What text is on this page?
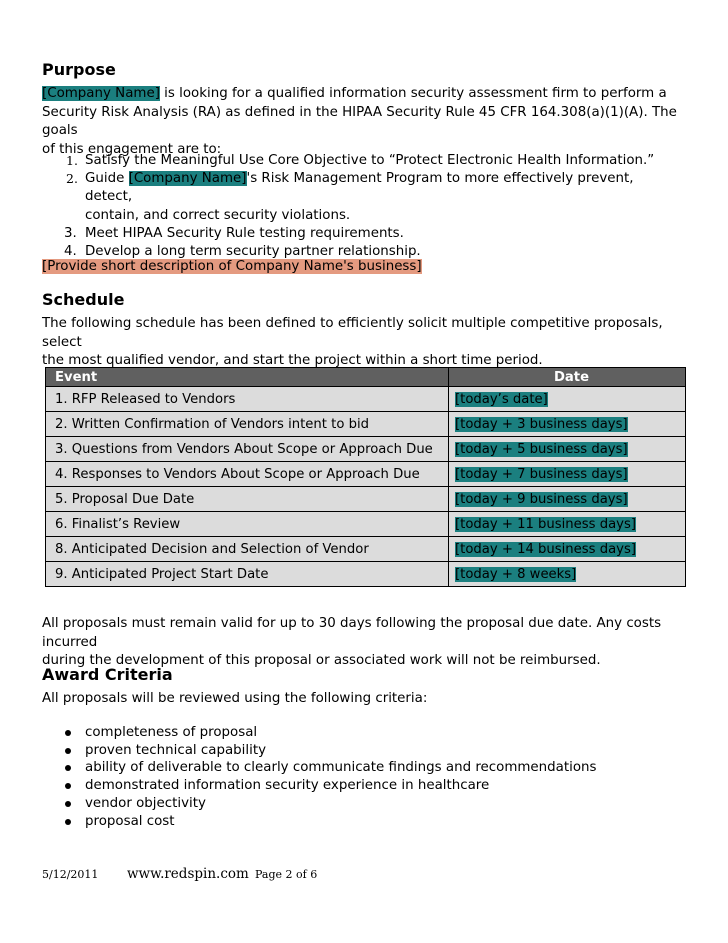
Purpose
[Company Name] is looking for a qualified information security assessment firm to perform a
Security Risk Analysis (RA) as defined in the HIPAA Security Rule 45 CFR 164.308(a)(1)(A). The goals
of this engagement are to:
1. Satisfy the Meaningful Use Core Objective to “Protect Electronic Health Information.”
2. Guide [Company Name]'s Risk Management Program to more effectively prevent, detect,
contain, and correct security violations.
3. Meet HIPAA Security Rule testing requirements.
4. Develop a long term security partner relationship.
[Provide short description of Company Name's business]
Schedule
The following schedule has been defined to efficiently solicit multiple competitive proposals, select
the most qualified vendor, and start the project within a short time period.
Event	Date
1. RFP Released to Vendors	[today’s date]
2. Written Confirmation of Vendors intent to bid	[today + 3 business days]
3. Questions from Vendors About Scope or Approach Due	[today + 5 business days]
4. Responses to Vendors About Scope or Approach Due	[today + 7 business days]
5. Proposal Due Date	[today + 9 business days]
6. Finalist’s Review	[today + 11 business days]
8. Anticipated Decision and Selection of Vendor	[today + 14 business days]
9. Anticipated Project Start Date	[today + 8 weeks]
All proposals must remain valid for up to 30 days following the proposal due date. Any costs incurred
during the development of this proposal or associated work will not be reimbursed.
Award Criteria
All proposals will be reviewed using the following criteria:
completeness of proposal
proven technical capability
ability of deliverable to clearly communicate findings and recommendations
demonstrated information security experience in healthcare
vendor objectivity
proposal cost
5/12/2011 www.redspin.com Page 2 of 6
